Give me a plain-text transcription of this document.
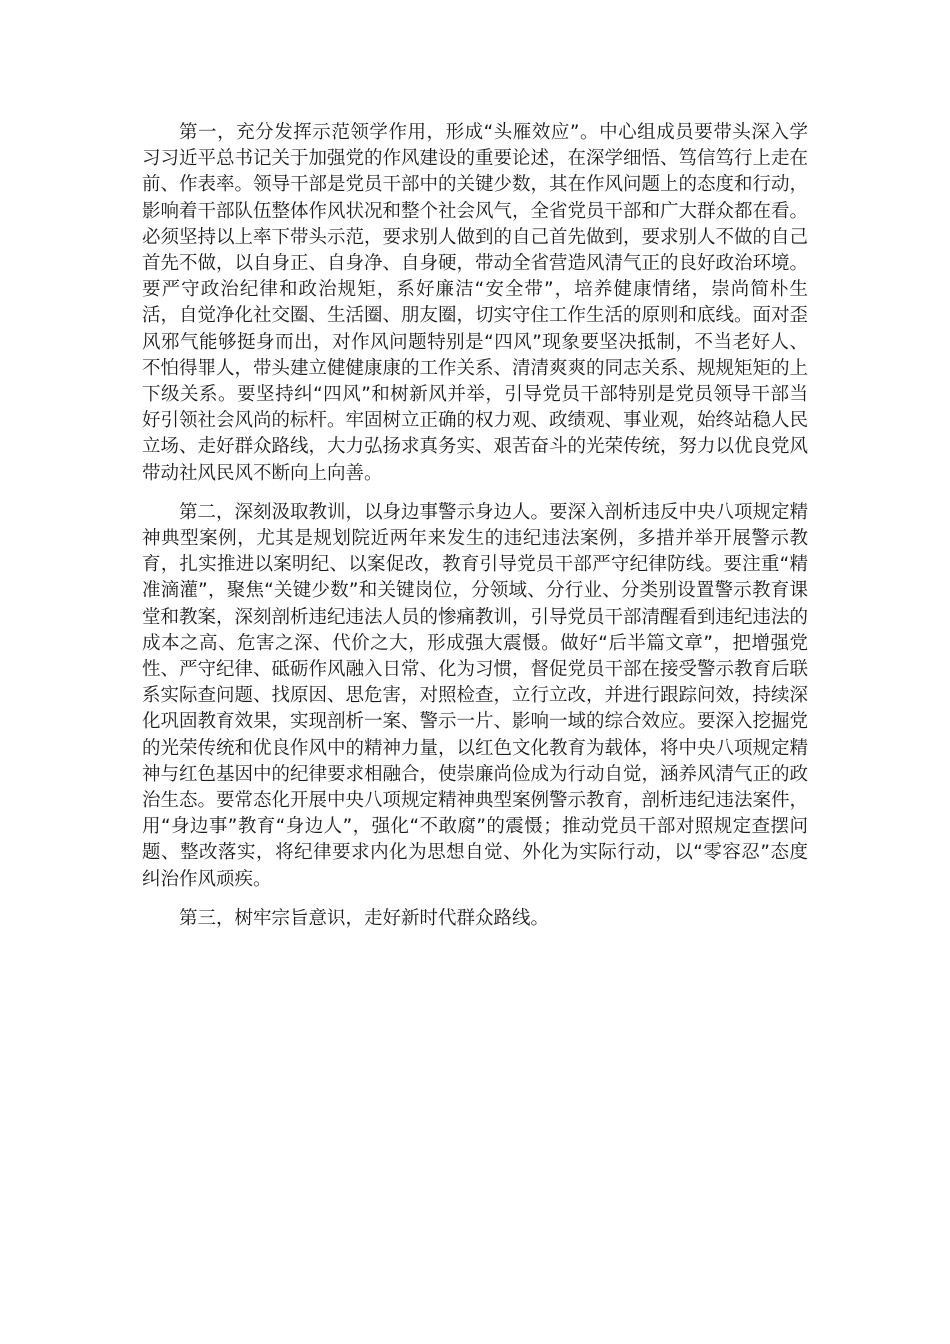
第一，充分发挥示范领学作用，形成“头雁效应”。中心组成员要带头深入学习习近平总书记关于加强党的作风建设的重要论述，在深学细悟、笃信笃行上走在前、作表率。领导干部是党员干部中的关键少数，其在作风问题上的态度和行动，影响着干部队伍整体作风状况和整个社会风气，全省党员干部和广大群众都在看。必须坚持以上率下带头示范，要求别人做到的自己首先做到，要求别人不做的自己首先不做，以自身正、自身净、自身硬，带动全省营造风清气正的良好政治环境。要严守政治纪律和政治规矩，系好廉洁“安全带”，培养健康情绪，崇尚简朴生活，自觉净化社交圈、生活圈、朋友圈，切实守住工作生活的原则和底线。面对歪风邪气能够挺身而出，对作风问题特别是“四风”现象要坚决抵制，不当老好人、不怕得罪人，带头建立健健康康的工作关系、清清爽爽的同志关系、规规矩矩的上下级关系。要坚持纠“四风”和树新风并举，引导党员干部特别是党员领导干部当好引领社会风尚的标杆。牢固树立正确的权力观、政绩观、事业观，始终站稳人民立场、走好群众路线，大力弘扬求真务实、艰苦奋斗的光荣传统，努力以优良党风带动社风民风不断向上向善。

第二，深刻汲取教训，以身边事警示身边人。要深入剖析违反中央八项规定精神典型案例，尤其是规划院近两年来发生的违纪违法案例，多措并举开展警示教育，扎实推进以案明纪、以案促改，教育引导党员干部严守纪律防线。要注重“精准滴灌”，聚焦“关键少数”和关键岗位，分领域、分行业、分类别设置警示教育课堂和教案，深刻剖析违纪违法人员的惨痛教训，引导党员干部清醒看到违纪违法的成本之高、危害之深、代价之大，形成强大震慑。做好“后半篇文章”，把增强党性、严守纪律、砥砺作风融入日常、化为习惯，督促党员干部在接受警示教育后联系实际查问题、找原因、思危害，对照检查，立行立改，并进行跟踪问效，持续深化巩固教育效果，实现剖析一案、警示一片、影响一域的综合效应。要深入挖掘党的光荣传统和优良作风中的精神力量，以红色文化教育为载体，将中央八项规定精神与红色基因中的纪律要求相融合，使崇廉尚俭成为行动自觉，涵养风清气正的政治生态。要常态化开展中央八项规定精神典型案例警示教育，剖析违纪违法案件，用“身边事”教育“身边人”，强化“不敢腐”的震慑；推动党员干部对照规定查摆问题、整改落实，将纪律要求内化为思想自觉、外化为实际行动，以“零容忍”态度纠治作风顽疾。

第三，树牢宗旨意识，走好新时代群众路线。
